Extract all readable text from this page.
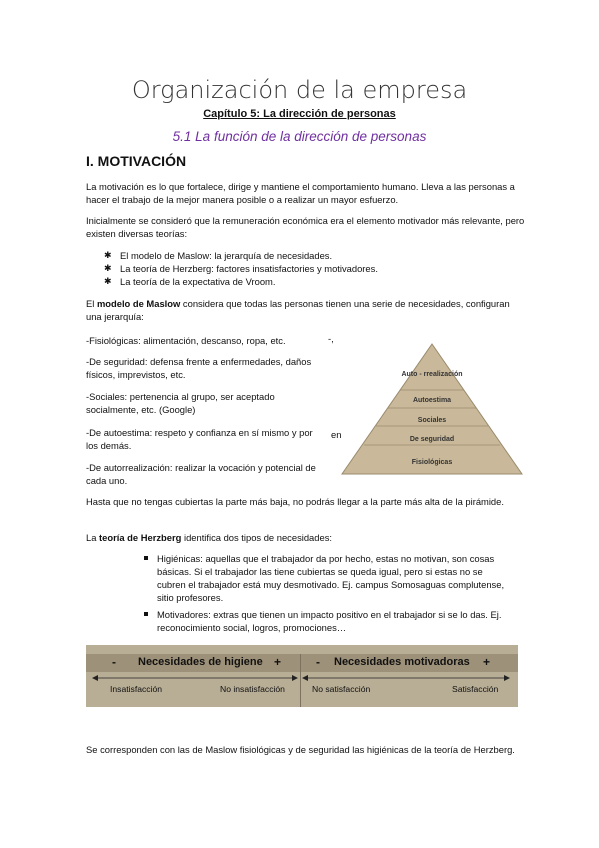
Organización de la empresa
Capítulo 5: La dirección de personas
5.1 La función de la dirección de personas
I. MOTIVACIÓN
La motivación es lo que fortalece, dirige y mantiene el comportamiento humano. Lleva a las personas a hacer el trabajo de la mejor manera posible o a realizar un mayor esfuerzo.
Inicialmente se consideró que la remuneración económica era el elemento motivador más relevante, pero existen diversas teorías:
✱ El modelo de Maslow: la jerarquía de necesidades.
✱ La teoría de Herzberg: factores insatisfactories y motivadores.
✱ La teoría de la expectativa de Vroom.
El modelo de Maslow considera que todas las personas tienen una serie de necesidades, configuran una jerarquía:
-Fisiológicas: alimentación, descanso, ropa, etc.
-De seguridad: defensa frente a enfermedades, daños físicos, imprevistos, etc.
-Sociales: pertenencia al grupo, ser aceptado socialmente, etc. (Google)
-De autoestima: respeto y confianza en sí mismo y por los demás.
-De autorrealización: realizar la vocación y potencial de cada uno.
-,
en
Auto - rrealización
Autoestima
Sociales
De seguridad
Fisiológicas
Hasta que no tengas cubiertas la parte más baja, no podrás llegar a la parte más alta de la pirámide.
La teoría de Herzberg identifica dos tipos de necesidades:
Higiénicas: aquellas que el trabajador da por hecho, estas no motivan, son cosas básicas. Si el trabajador las tiene cubiertas se queda igual, pero si estas no se cubren el trabajador está muy desmotivado. Ej. campus Somosaguas complutense, sitio profesores.
Motivadores: extras que tienen un impacto positivo en el trabajador si se lo das. Ej. reconocimiento social, logros, promociones…
- Necesidades de higiene +	- Necesidades motivadoras +
Insatisfacción	No insatisfacción	No satisfacción	Satisfacción
Se corresponden con las de Maslow fisiológicas y de seguridad las higiénicas de la teoría de Herzberg.
